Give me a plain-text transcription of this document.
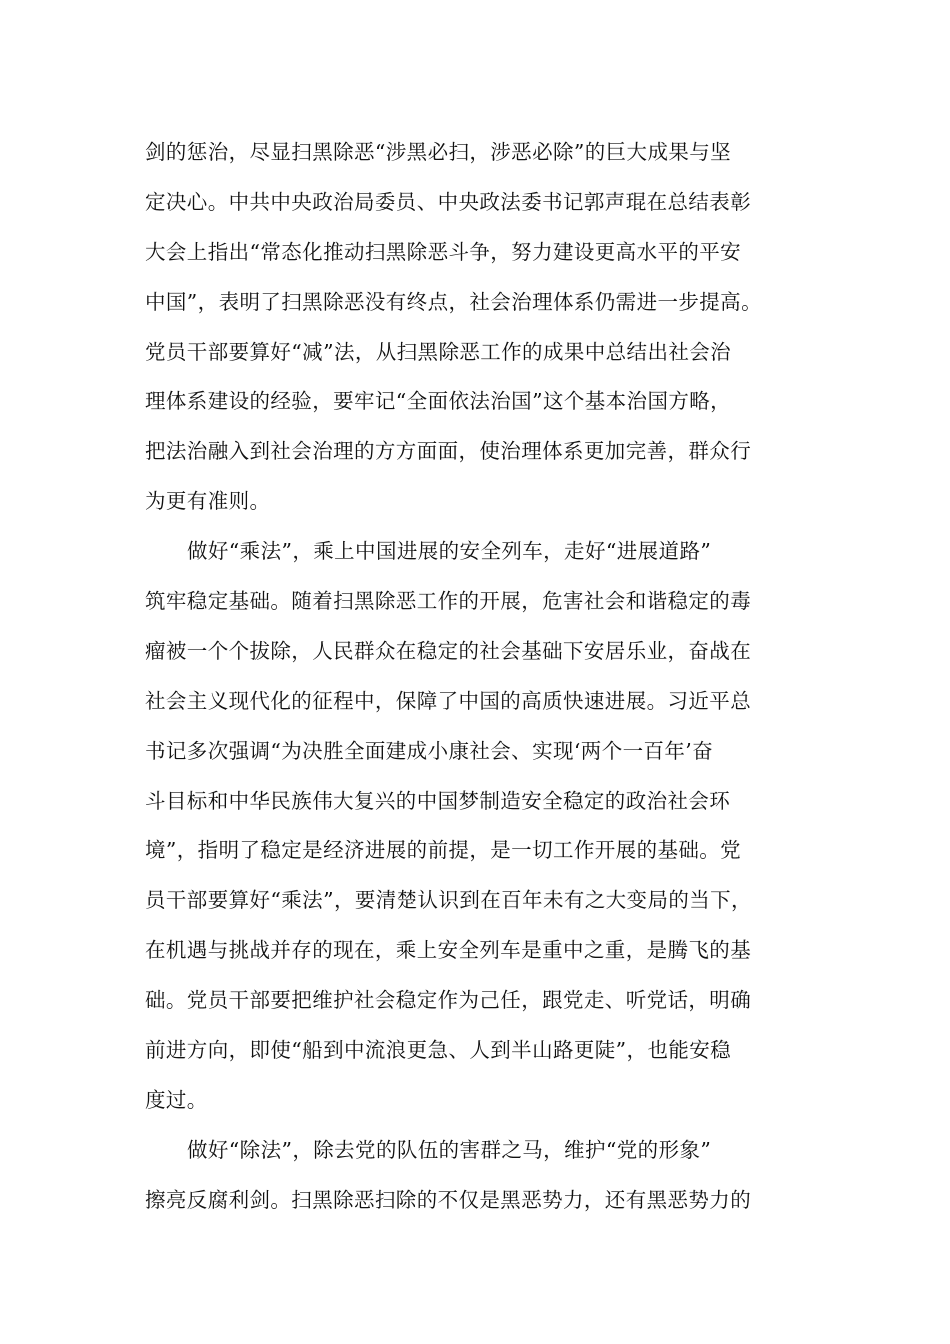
剑的惩治，尽显扫黑除恶“涉黑必扫，涉恶必除”的巨大成果与坚
定决心。中共中央政治局委员、中央政法委书记郭声琨在总结表彰
大会上指出“常态化推动扫黑除恶斗争，努力建设更高水平的平安
中国”，表明了扫黑除恶没有终点，社会治理体系仍需进一步提高。
党员干部要算好“减”法，从扫黑除恶工作的成果中总结出社会治
理体系建设的经验，要牢记“全面依法治国”这个基本治国方略，
把法治融入到社会治理的方方面面，使治理体系更加完善，群众行
为更有准则。
做好“乘法”，乘上中国进展的安全列车，走好“进展道路”
筑牢稳定基础。随着扫黑除恶工作的开展，危害社会和谐稳定的毒
瘤被一个个拔除，人民群众在稳定的社会基础下安居乐业，奋战在
社会主义现代化的征程中，保障了中国的高质快速进展。习近平总
书记多次强调“为决胜全面建成小康社会、实现‘两个一百年’奋
斗目标和中华民族伟大复兴的中国梦制造安全稳定的政治社会环
境”，指明了稳定是经济进展的前提，是一切工作开展的基础。党
员干部要算好“乘法”，要清楚认识到在百年未有之大变局的当下，
在机遇与挑战并存的现在，乘上安全列车是重中之重，是腾飞的基
础。党员干部要把维护社会稳定作为己任，跟党走、听党话，明确
前进方向，即使“船到中流浪更急、人到半山路更陡”，也能安稳
度过。
做好“除法”，除去党的队伍的害群之马，维护“党的形象”
擦亮反腐利剑。扫黑除恶扫除的不仅是黑恶势力，还有黑恶势力的
